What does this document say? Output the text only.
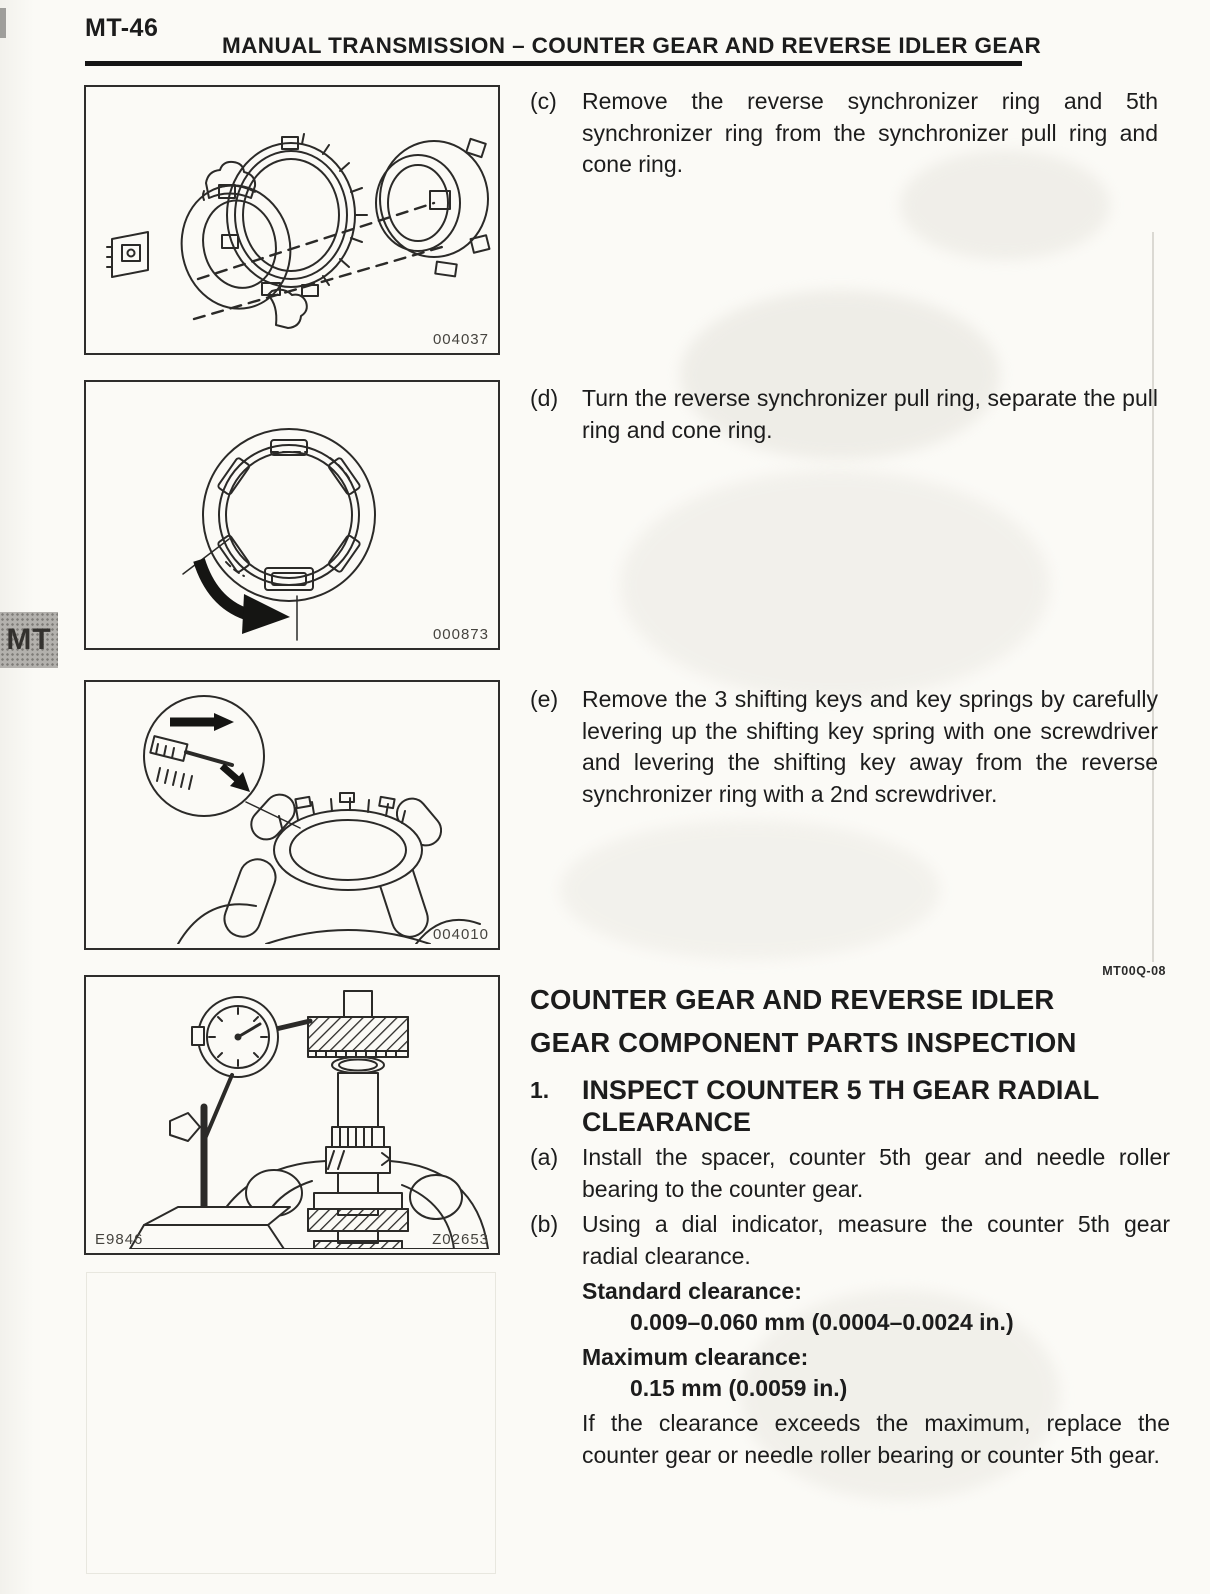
MT-46
MANUAL TRANSMISSION – COUNTER GEAR AND REVERSE IDLER GEAR
MT
004037
000873
004010
E9846	Z02653
(c) Remove the reverse synchronizer ring and 5th synchronizer ring from the synchronizer pull ring and cone ring.

(d) Turn the reverse synchronizer pull ring, separate the pull ring and cone ring.

(e) Remove the 3 shifting keys and key springs by carefully levering up the shifting key spring with one screwdriver and levering the shifting key away from the reverse synchronizer ring with a 2nd screwdriver.

MT00Q-08
COUNTER GEAR AND REVERSE IDLER GEAR COMPONENT PARTS INSPECTION
1. INSPECT COUNTER 5 TH GEAR RADIAL CLEARANCE
(a) Install the spacer, counter 5th gear and needle roller bearing to the counter gear.

(b) Using a dial indicator, measure the counter 5th gear radial clearance.

Standard clearance:
0.009–0.060 mm (0.0004–0.0024 in.)
Maximum clearance:
0.15 mm (0.0059 in.)

If the clearance exceeds the maximum, replace the counter gear or needle roller bearing or counter 5th gear.
